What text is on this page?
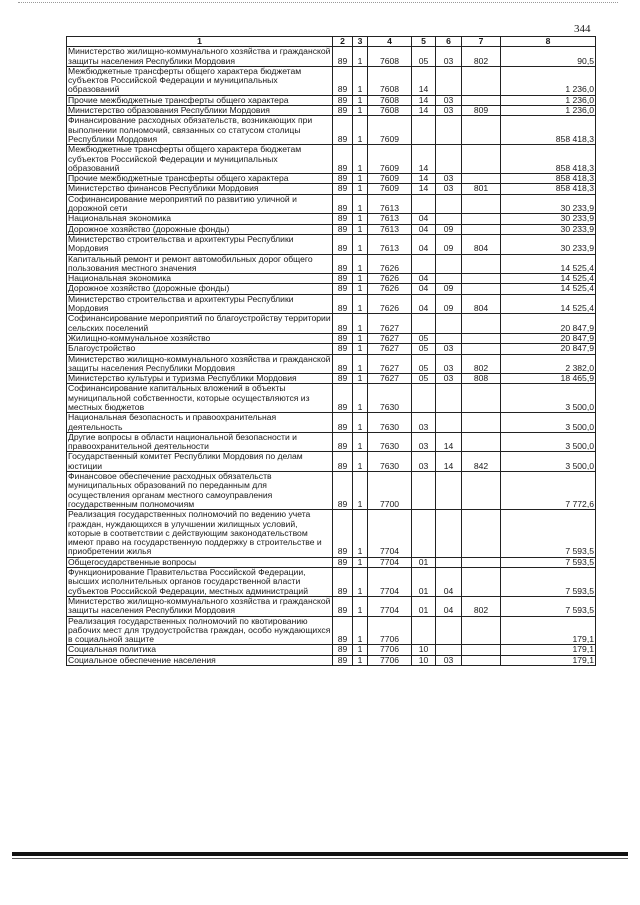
344
1	2	3	4	5	6	7	8
Министерство жилищно-коммунального хозяйства и гражданской защиты населения Республики Мордовия	89	1	7608	05	03	802	90,5
Межбюджетные трансферты общего характера бюджетам субъектов Российской Федерации и муниципальных образований	89	1	7608	14			1 236,0
Прочие межбюджетные трансферты общего характера	89	1	7608	14	03		1 236,0
Министерство образования Республики Мордовия	89	1	7608	14	03	809	1 236,0
Финансирование расходных обязательств, возникающих при выполнении полномочий, связанных со статусом столицы Республики Мордовия	89	1	7609				858 418,3
Межбюджетные трансферты общего характера бюджетам субъектов Российской Федерации и муниципальных образований	89	1	7609	14			858 418,3
Прочие межбюджетные трансферты общего характера	89	1	7609	14	03		858 418,3
Министерство финансов Республики Мордовия	89	1	7609	14	03	801	858 418,3
Софинансирование мероприятий по развитию уличной и дорожной сети	89	1	7613				30 233,9
Национальная экономика	89	1	7613	04			30 233,9
Дорожное хозяйство (дорожные фонды)	89	1	7613	04	09		30 233,9
Министерство строительства и архитектуры Республики Мордовия	89	1	7613	04	09	804	30 233,9
Капитальный ремонт и ремонт автомобильных дорог общего пользования местного значения	89	1	7626				14 525,4
Национальная экономика	89	1	7626	04			14 525,4
Дорожное хозяйство (дорожные фонды)	89	1	7626	04	09		14 525,4
Министерство строительства и архитектуры Республики Мордовия	89	1	7626	04	09	804	14 525,4
Софинансирование мероприятий по благоустройству территории сельских поселений	89	1	7627				20 847,9
Жилищно-коммунальное хозяйство	89	1	7627	05			20 847,9
Благоустройство	89	1	7627	05	03		20 847,9
Министерство жилищно-коммунального хозяйства и гражданской защиты населения Республики Мордовия	89	1	7627	05	03	802	2 382,0
Министерство культуры и туризма Республики Мордовия	89	1	7627	05	03	808	18 465,9
Софинансирование капитальных вложений в объекты муниципальной собственности, которые осуществляются из местных бюджетов	89	1	7630				3 500,0
Национальная безопасность и правоохранительная деятельность	89	1	7630	03			3 500,0
Другие вопросы в области национальной безопасности и правоохранительной деятельности	89	1	7630	03	14		3 500,0
Государственный комитет Республики Мордовия по делам юстиции	89	1	7630	03	14	842	3 500,0
Финансовое обеспечение расходных обязательств муниципальных образований по переданным для осуществления органам местного самоуправления государственным полномочиям	89	1	7700				7 772,6
Реализация государственных полномочий по ведению учета граждан, нуждающихся в улучшении жилищных условий, которые в соответствии с действующим законодательством имеют право на государственную поддержку в строительстве и приобретении жилья	89	1	7704				7 593,5
Общегосударственные вопросы	89	1	7704	01			7 593,5
Функционирование Правительства Российской Федерации, высших исполнительных органов государственной власти субъектов Российской Федерации, местных администраций	89	1	7704	01	04		7 593,5
Министерство жилищно-коммунального хозяйства и гражданской защиты населения Республики Мордовия	89	1	7704	01	04	802	7 593,5
Реализация государственных полномочий по квотированию рабочих мест для трудоустройства граждан, особо нуждающихся в социальной защите	89	1	7706				179,1
Социальная политика	89	1	7706	10			179,1
Социальное обеспечение населения	89	1	7706	10	03		179,1
